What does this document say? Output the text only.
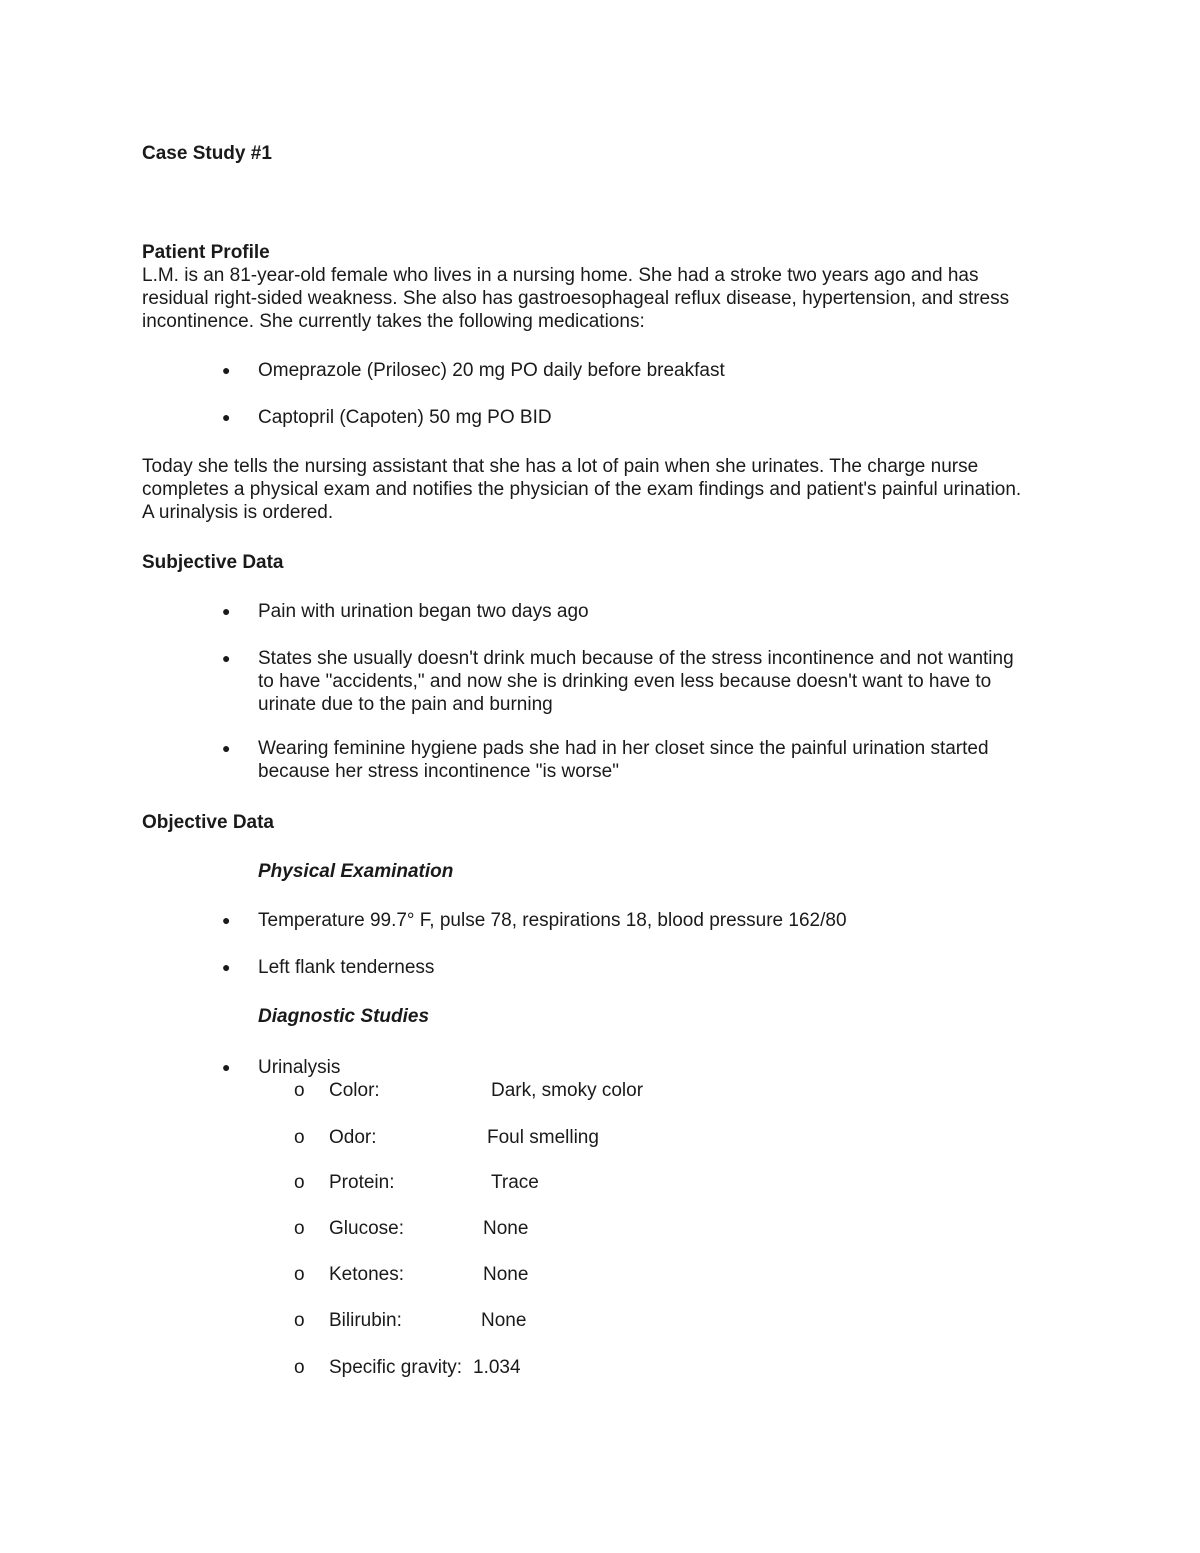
Case Study #1
Patient Profile
L.M. is an 81-year-old female who lives in a nursing home. She had a stroke two years ago and has
residual right-sided weakness. She also has gastroesophageal reflux disease, hypertension, and stress
incontinence. She currently takes the following medications:
● Omeprazole (Prilosec) 20 mg PO daily before breakfast
● Captopril (Capoten) 50 mg PO BID
Today she tells the nursing assistant that she has a lot of pain when she urinates. The charge nurse
completes a physical exam and notifies the physician of the exam findings and patient's painful urination.
A urinalysis is ordered.
Subjective Data
● Pain with urination began two days ago
● States she usually doesn't drink much because of the stress incontinence and not wanting
to have "accidents," and now she is drinking even less because doesn't want to have to
urinate due to the pain and burning
● Wearing feminine hygiene pads she had in her closet since the painful urination started
because her stress incontinence "is worse"
Objective Data
Physical Examination
● Temperature 99.7° F, pulse 78, respirations 18, blood pressure 162/80
● Left flank tenderness
Diagnostic Studies
● Urinalysis
o Color:	Dark, smoky color
o Odor:	Foul smelling
o Protein:	Trace
o Glucose:	None
o Ketones:	None
o Bilirubin:	None
o Specific gravity: 1.034
